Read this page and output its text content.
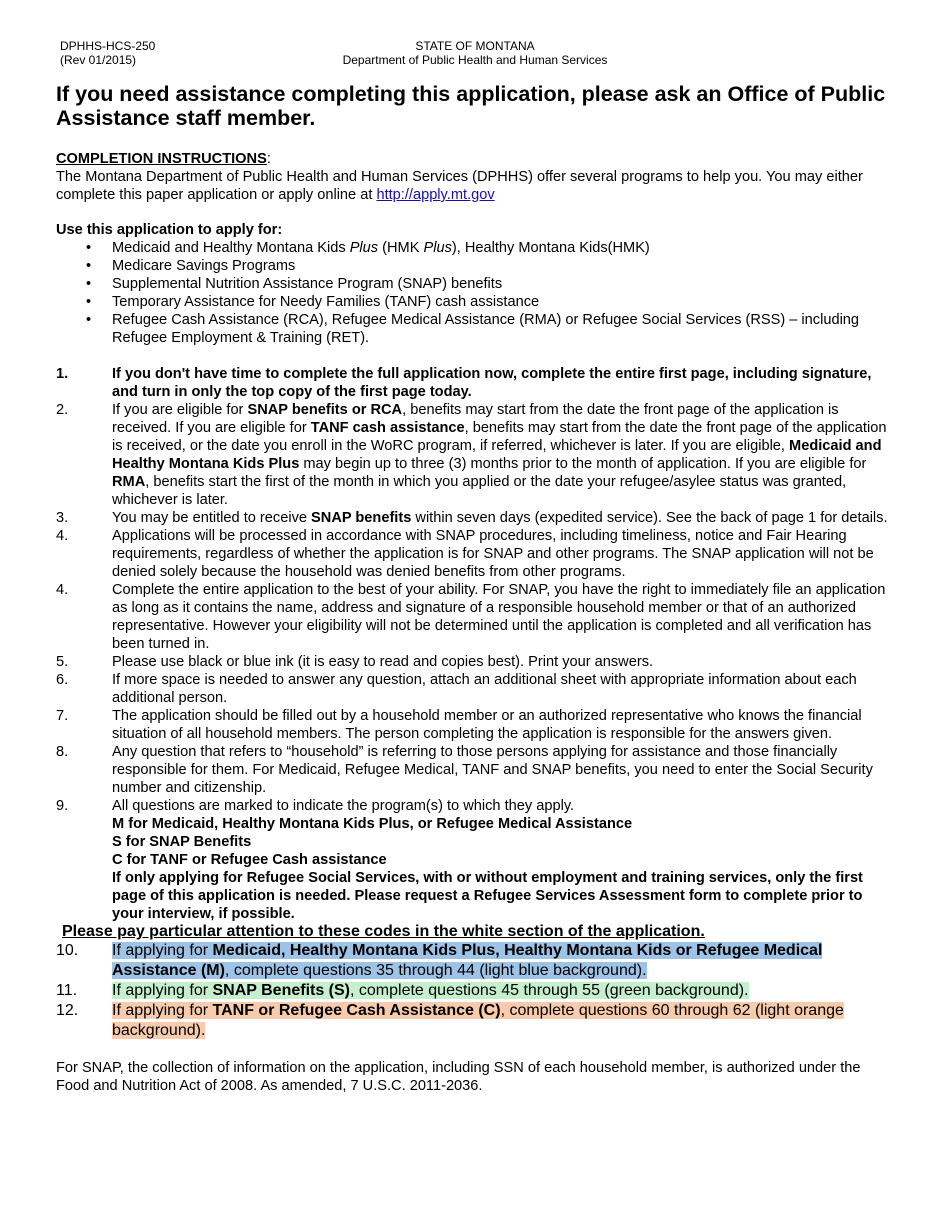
DPHHS-HCS-250
(Rev 01/2015)
STATE OF MONTANA
Department of Public Health and Human Services
If you need assistance completing this application, please ask an Office of Public Assistance staff member.

COMPLETION INSTRUCTIONS:

The Montana Department of Public Health and Human Services (DPHHS) offer several programs to help you. You may either complete this paper application or apply online at http://apply.mt.gov

Use this application to apply for:

• Medicaid and Healthy Montana Kids Plus (HMK Plus), Healthy Montana Kids(HMK)
• Medicare Savings Programs
• Supplemental Nutrition Assistance Program (SNAP) benefits
• Temporary Assistance for Needy Families (TANF) cash assistance
• Refugee Cash Assistance (RCA), Refugee Medical Assistance (RMA) or Refugee Social Services (RSS) – including Refugee Employment & Training (RET).
1.	If you don't have time to complete the full application now, complete the entire first page, including signature, and turn in only the top copy of the first page today.
2.	If you are eligible for SNAP benefits or RCA, benefits may start from the date the front page of the application is received. If you are eligible for TANF cash assistance, benefits may start from the date the front page of the application is received, or the date you enroll in the WoRC program, if referred, whichever is later. If you are eligible, Medicaid and Healthy Montana Kids Plus may begin up to three (3) months prior to the month of application. If you are eligible for RMA, benefits start the first of the month in which you applied or the date your refugee/asylee status was granted, whichever is later.
3.	You may be entitled to receive SNAP benefits within seven days (expedited service). See the back of page 1 for details.
4.	Applications will be processed in accordance with SNAP procedures, including timeliness, notice and Fair Hearing requirements, regardless of whether the application is for SNAP and other programs. The SNAP application will not be denied solely because the household was denied benefits from other programs.
4.	Complete the entire application to the best of your ability. For SNAP, you have the right to immediately file an application as long as it contains the name, address and signature of a responsible household member or that of an authorized representative. However your eligibility will not be determined until the application is completed and all verification has been turned in.
5.	Please use black or blue ink (it is easy to read and copies best). Print your answers.
6.	If more space is needed to answer any question, attach an additional sheet with appropriate information about each additional person.
7.	The application should be filled out by a household member or an authorized representative who knows the financial situation of all household members. The person completing the application is responsible for the answers given.
8.	Any question that refers to “household” is referring to those persons applying for assistance and those financially responsible for them. For Medicaid, Refugee Medical, TANF and SNAP benefits, you need to enter the Social Security number and citizenship.
9.	All questions are marked to indicate the program(s) to which they apply.
M for Medicaid, Healthy Montana Kids Plus, or Refugee Medical Assistance
S for SNAP Benefits
C for TANF or Refugee Cash assistance
If only applying for Refugee Social Services, with or without employment and training services, only the first page of this application is needed. Please request a Refugee Services Assessment form to complete prior to your interview, if possible.

Please pay particular attention to these codes in the white section of the application.

10. If applying for Medicaid, Healthy Montana Kids Plus, Healthy Montana Kids or Refugee Medical Assistance (M), complete questions 35 through 44 (light blue background).
11. If applying for SNAP Benefits (S), complete questions 45 through 55 (green background).
12. If applying for TANF or Refugee Cash Assistance (C), complete questions 60 through 62 (light orange background).

For SNAP, the collection of information on the application, including SSN of each household member, is authorized under the Food and Nutrition Act of 2008. As amended, 7 U.S.C. 2011-2036.
